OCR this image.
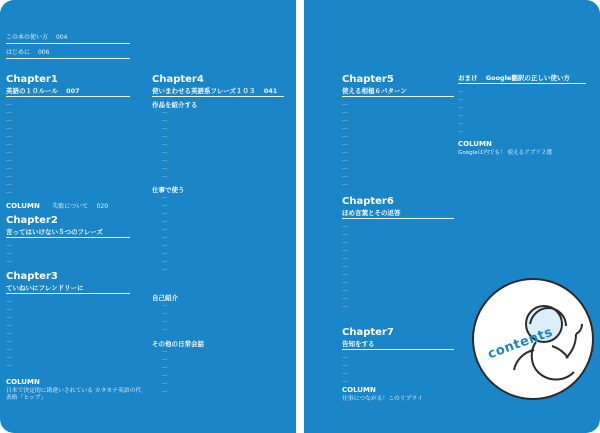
この本の使い方 004
はじめに 006
Chapter1
英語の１０ルール 007
…
…
…
…
…
…
…
…
…
…
…
…
COLUMN 失敗について 020
Chapter2
言ってはいけない５つのフレーズ
…
…
…
Chapter3
ていねいにフレンドリーに
…
…
…
…
…
…
…
…
…
COLUMN
日本で決定的に勘違いされている カタカナ英語の代表格「ヒップ」
Chapter4
使いまわせる英語系フレーズ１０３ 041
作品を紹介する
…
…
…
…
…
…
…
…
…
仕事で使う
…
…
…
…
…
…
…
…
…
…
自己紹介
…
…
…
…
その他の日常会話
…
…
…
…
…
…
Chapter5
使える相槌６パターン
…
…
…
…
…
…
…
…
…
…
…
Chapter6
ほめ言葉とその返答
…
…
…
…
…
…
…
…
…
…
…
Chapter7
告知をする
…
…
…
…
COLUMN
仕事につながる！このリプライ
おまけ Google翻訳の正しい使い方
…
…
…
…
…
…
COLUMN
Googleは内でも！ 使えるアプリ２選
contents
